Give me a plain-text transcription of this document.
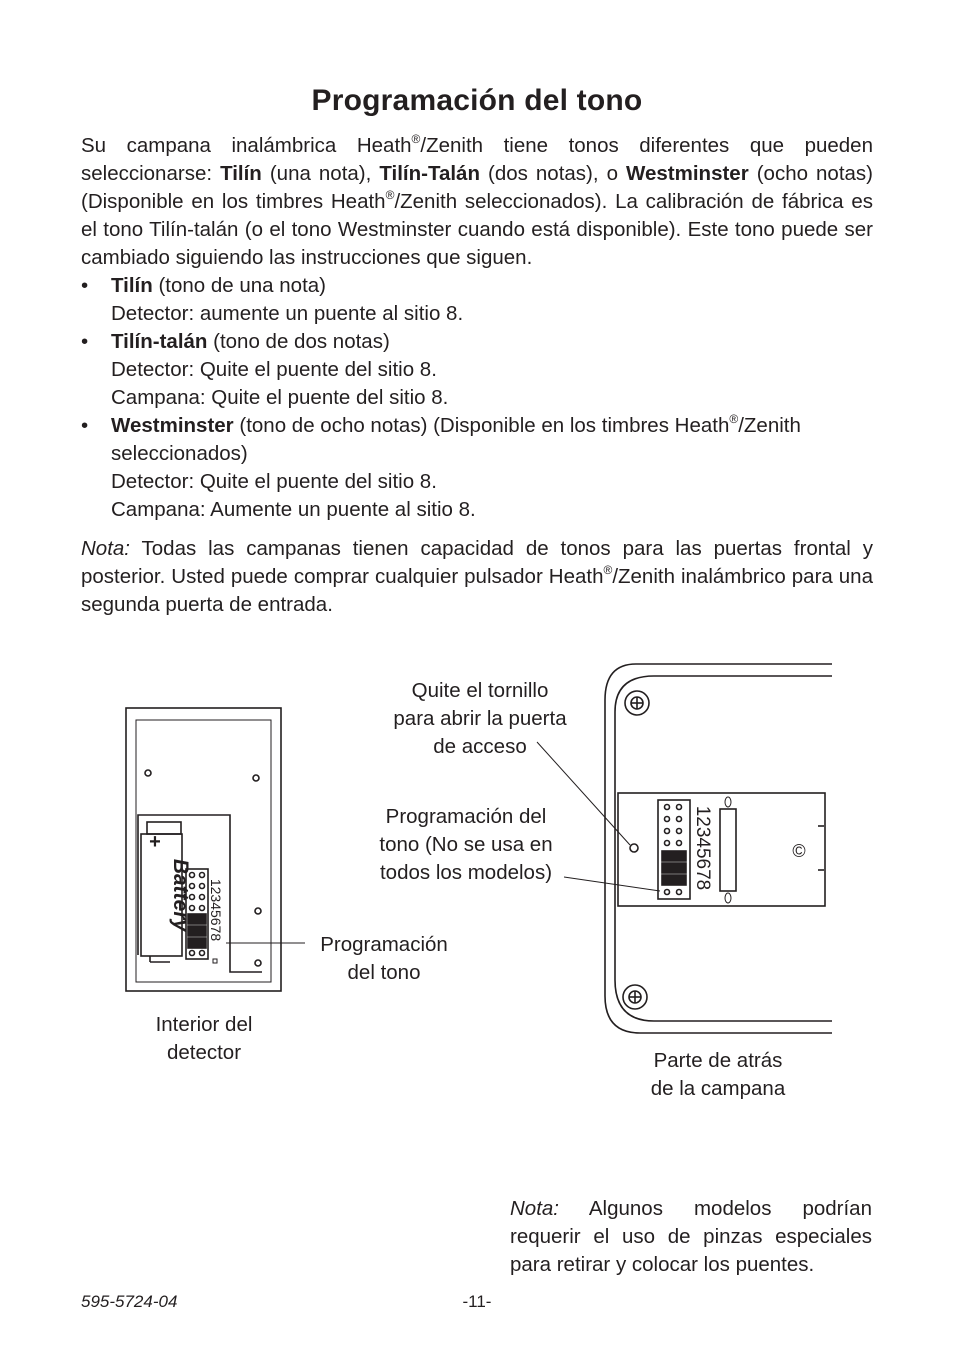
Programación del tono
Su campana inalámbrica Heath®/Zenith tiene tonos diferentes que pueden seleccionarse: Tilín (una nota), Tilín-Talán (dos notas), o Westminster (ocho notas) (Disponible en los timbres Heath®/Zenith seleccionados). La calibración de fábrica es el tono Tilín-talán (o el tono Westminster cuando está disponible). Este tono puede ser cambiado siguiendo las instrucciones que siguen.
• Tilín (tono de una nota)
Detector: aumente un puente al sitio 8.
• Tilín-talán (tono de dos notas)
Detector: Quite el puente del sitio 8.
Campana: Quite el puente del sitio 8.
• Westminster (tono de ocho notas) (Disponible en los timbres Heath®/Zenith seleccionados)
Detector: Quite el puente del sitio 8.
Campana: Aumente un puente al sitio 8.
Nota: Todas las campanas tienen capacidad de tonos para las puertas frontal y posterior. Usted puede comprar cualquier pulsador Heath®/Zenith inalámbrico para una segunda puerta de entrada.
Battery
+
12345678
12345678	©
Quite el tornillo
para abrir la puerta
de acceso
Programación del
tono (No se usa en
todos los modelos)
Programación
del tono
Interior del
detector	Parte de atrás
de la campana
Nota: Algunos modelos podrían requerir el uso de pinzas especiales para retirar y colocar los puentes.
595-5724-04	-11-
